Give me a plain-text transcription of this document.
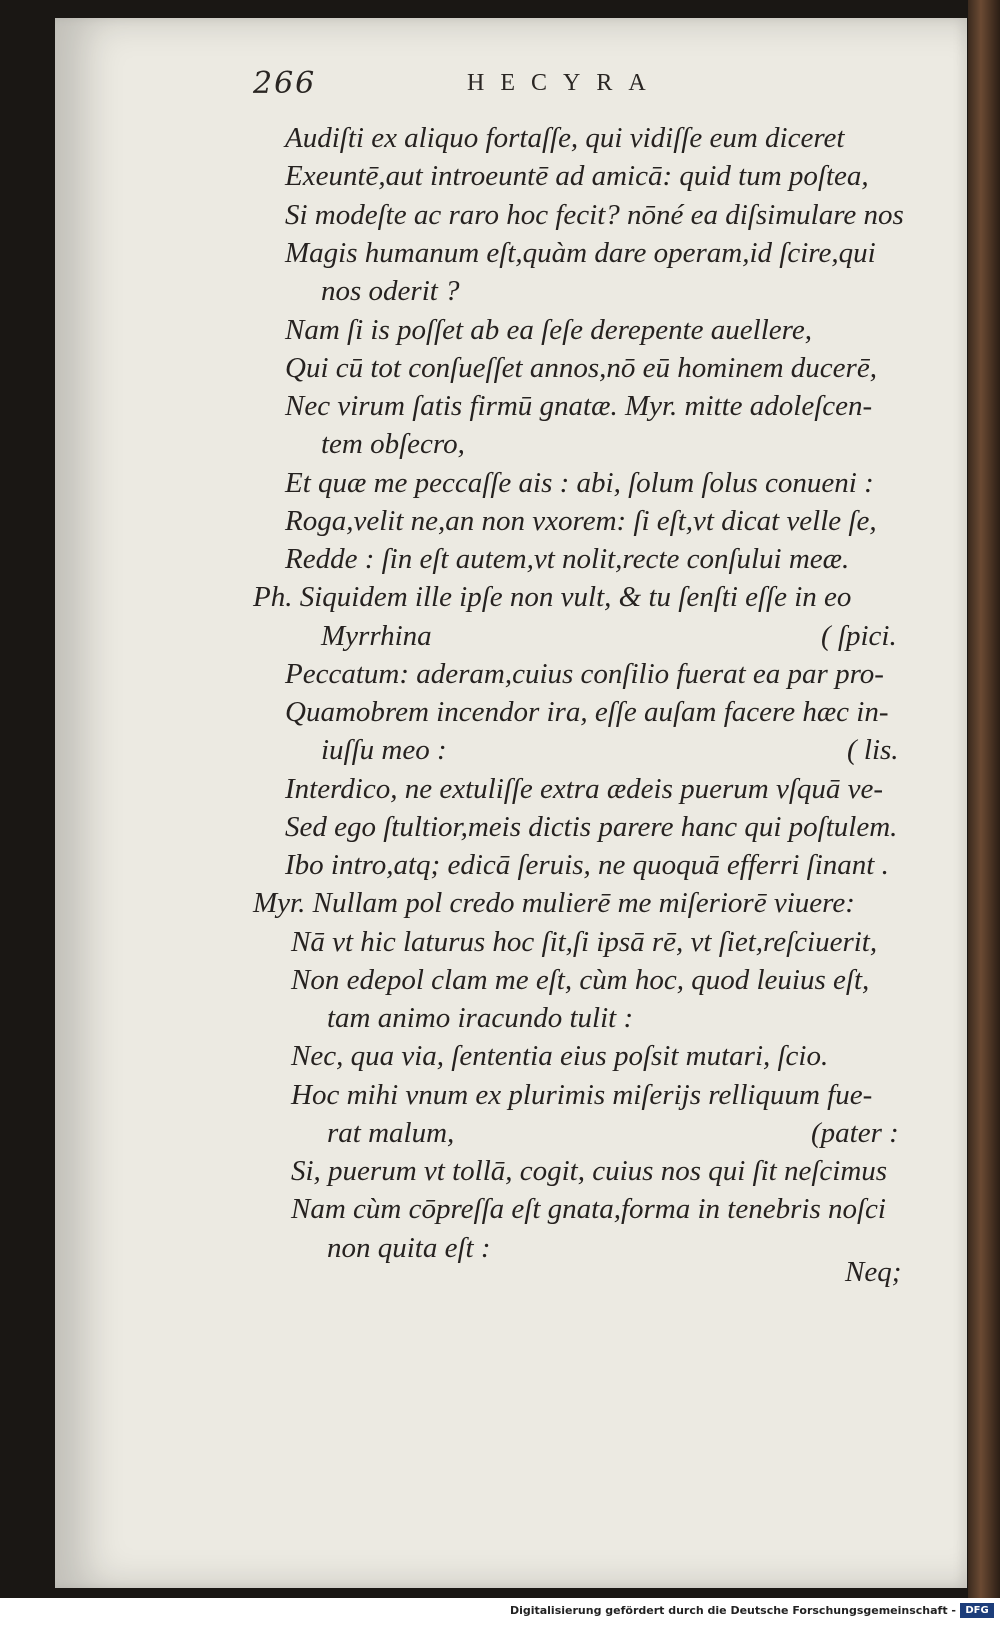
266	HECYRA
Audiſti ex aliquo fortaſſe, qui vidiſſe eum diceret
Exeuntē,aut introeuntē ad amicā: quid tum poſtea,
Si modeſte ac raro hoc fecit? nōné ea diſsimulare nos
Magis humanum eſt,quàm dare operam,id ſcire,qui
nos oderit ?
Nam ſi is poſſet ab ea ſeſe derepente auellere,
Qui cū tot conſueſſet annos,nō eū hominem ducerē,
Nec virum ſatis firmū gnatæ. Myr. mitte adoleſcen-
tem obſecro,
Et quæ me peccaſſe ais : abi, ſolum ſolus conueni :
Roga,velit ne,an non vxorem: ſi eſt,vt dicat velle ſe,
Redde : ſin eſt autem,vt nolit,recte conſului meæ.
Ph. Siquidem ille ipſe non vult, & tu ſenſti eſſe in eo
Myrrhina	( ſpici.
Peccatum: aderam,cuius conſilio fuerat ea par pro-
Quamobrem incendor ira, eſſe auſam facere hæc in-
iuſſu meo :	( lis.
Interdico, ne extuliſſe extra ædeis puerum vſquā ve-
Sed ego ſtultior,meis dictis parere hanc qui poſtulem.
Ibo intro,atq; edicā ſeruis, ne quoquā efferri ſinant .
Myr. Nullam pol credo mulierē me miſeriorē viuere:
Nā vt hic laturus hoc ſit,ſi ipsā rē, vt ſiet,reſciuerit,
Non edepol clam me eſt, cùm hoc, quod leuius eſt,
tam animo iracundo tulit :
Nec, qua via, ſententia eius poſsit mutari, ſcio.
Hoc mihi vnum ex plurimis miſerijs relliquum fue-
rat malum,	(pater :
Si, puerum vt tollā, cogit, cuius nos qui ſit neſcimus
Nam cùm cōpreſſa eſt gnata,forma in tenebris noſci
non quita eſt :
Neq;
Digitalisierung gefördert durch die Deutsche Forschungsgemeinschaft - DFG
